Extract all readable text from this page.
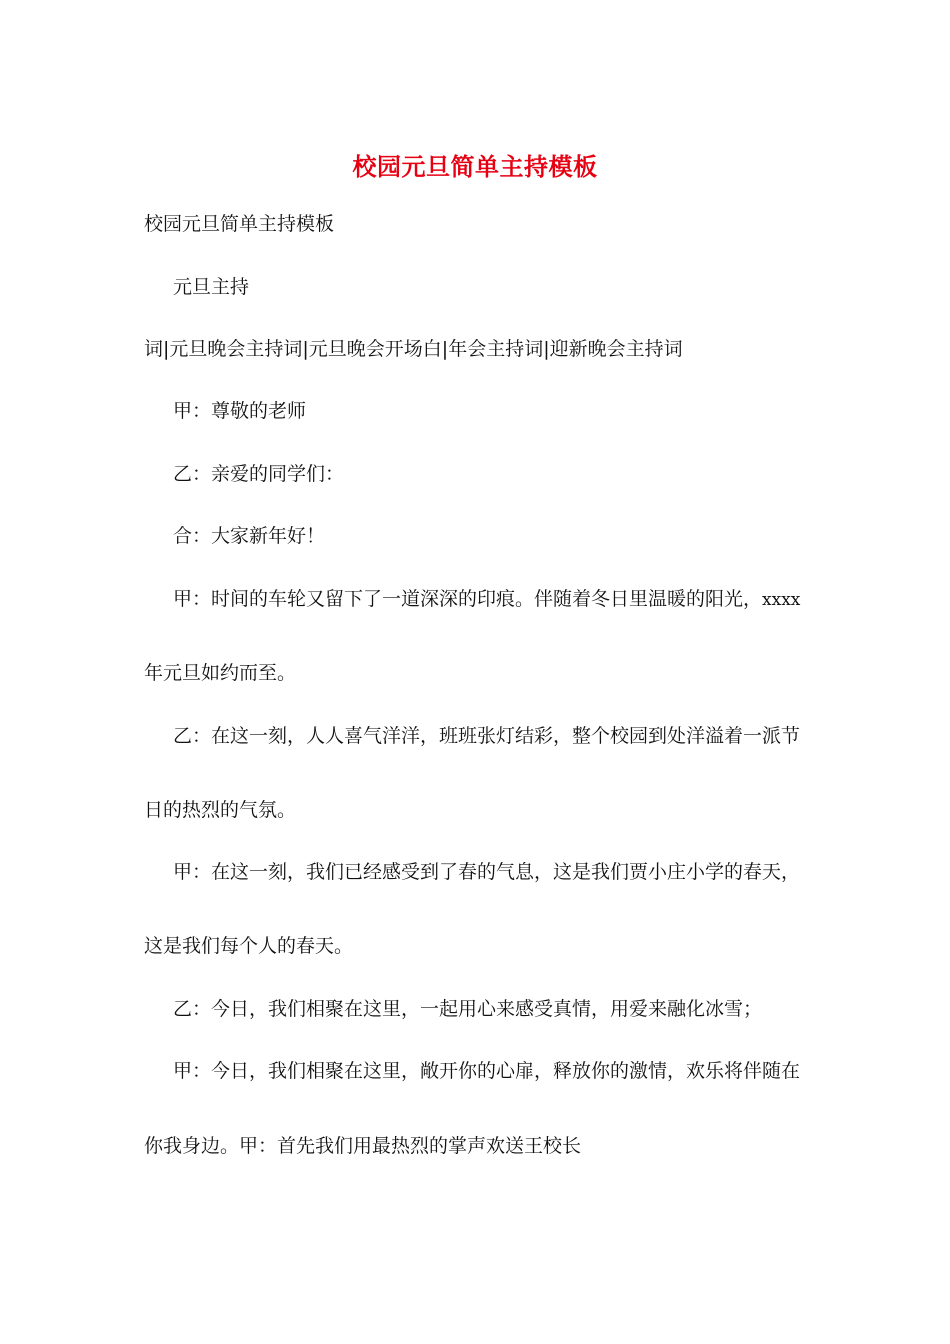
校园元旦简单主持模板
校园元旦简单主持模板
元旦主持
词|元旦晚会主持词|元旦晚会开场白|年会主持词|迎新晚会主持词
甲：尊敬的老师
乙：亲爱的同学们：
合：大家新年好！
甲：时间的车轮又留下了一道深深的印痕。伴随着冬日里温暖的阳光，xxxx
年元旦如约而至。
乙：在这一刻，人人喜气洋洋，班班张灯结彩，整个校园到处洋溢着一派节
日的热烈的气氛。
甲：在这一刻，我们已经感受到了春的气息，这是我们贾小庄小学的春天，
这是我们每个人的春天。
乙：今日，我们相聚在这里，一起用心来感受真情，用爱来融化冰雪；
甲：今日，我们相聚在这里，敞开你的心扉，释放你的激情，欢乐将伴随在
你我身边。甲：首先我们用最热烈的掌声欢送王校长
